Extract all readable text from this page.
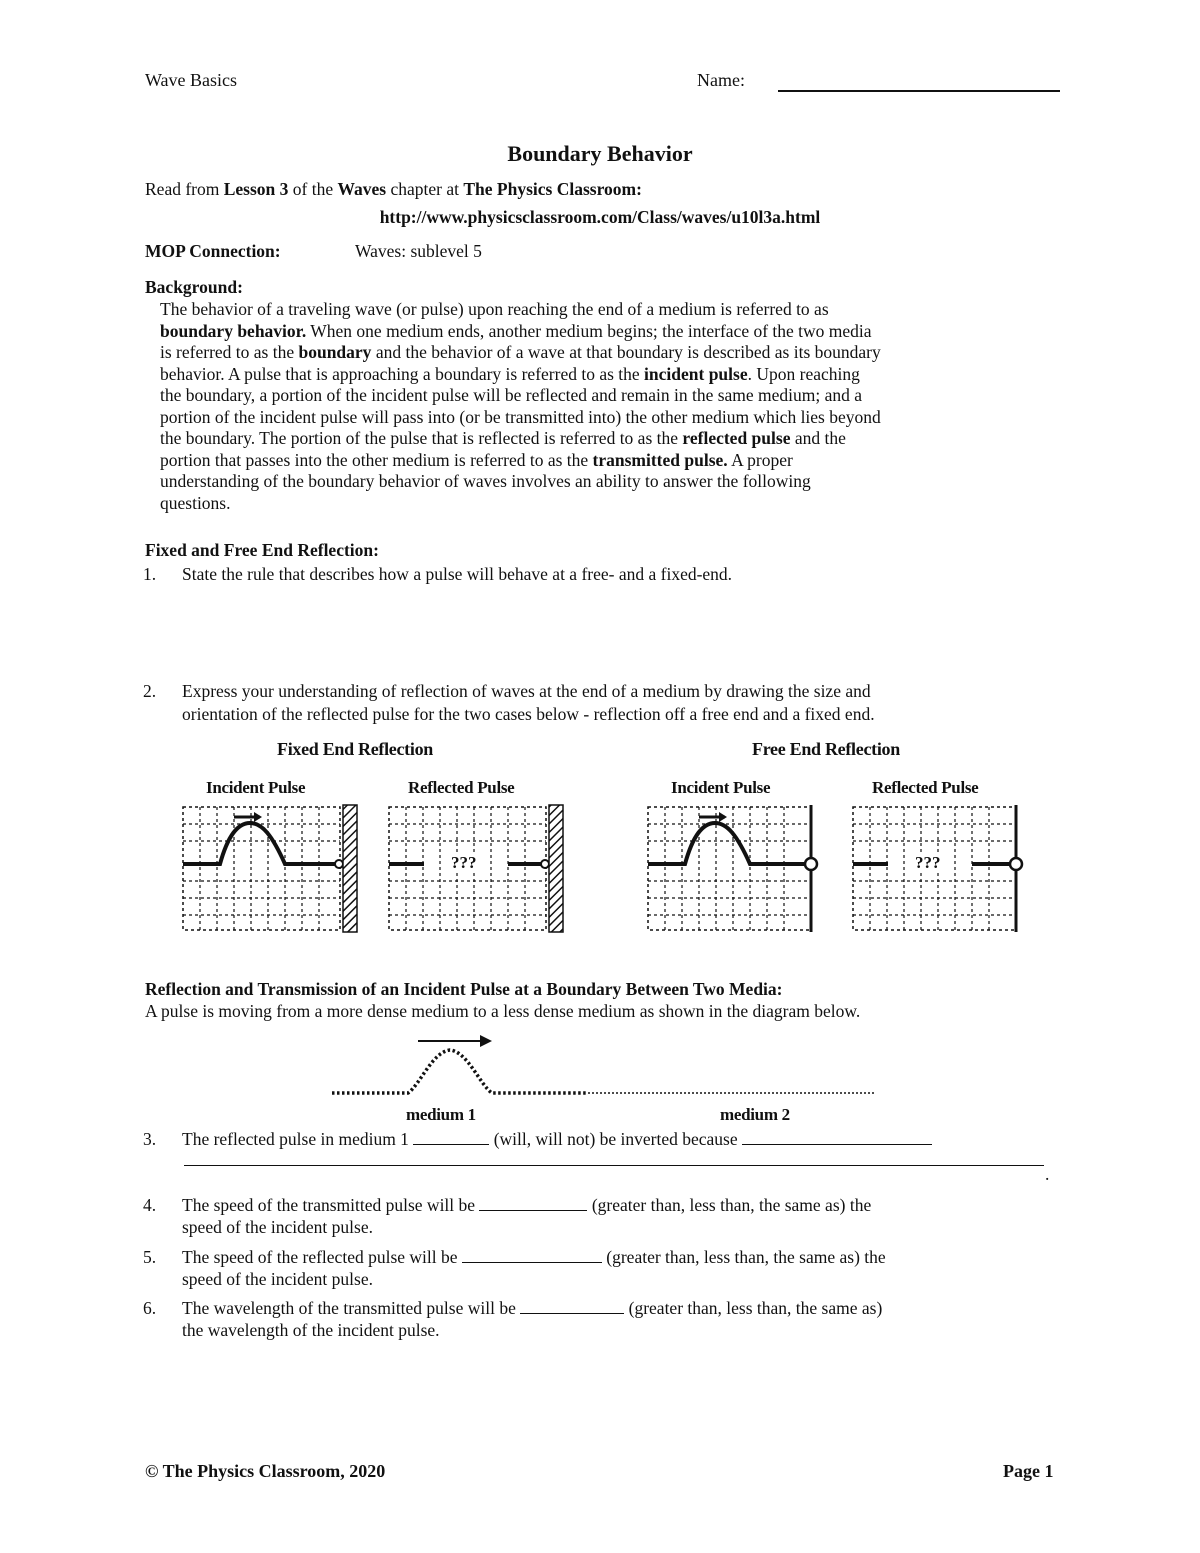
Wave Basics	Name:
Boundary Behavior
Read from Lesson 3 of the Waves chapter at The Physics Classroom:
http://www.physicsclassroom.com/Class/waves/u10l3a.html
MOP Connection:	Waves: sublevel 5
Background:
The behavior of a traveling wave (or pulse) upon reaching the end of a medium is referred to as
boundary behavior. When one medium ends, another medium begins; the interface of the two media
is referred to as the boundary and the behavior of a wave at that boundary is described as its boundary
behavior. A pulse that is approaching a boundary is referred to as the incident pulse. Upon reaching
the boundary, a portion of the incident pulse will be reflected and remain in the same medium; and a
portion of the incident pulse will pass into (or be transmitted into) the other medium which lies beyond
the boundary. The portion of the pulse that is reflected is referred to as the reflected pulse and the
portion that passes into the other medium is referred to as the transmitted pulse. A proper
understanding of the boundary behavior of waves involves an ability to answer the following
questions.
Fixed and Free End Reflection:
1. State the rule that describes how a pulse will behave at a free- and a fixed-end.
2. Express your understanding of reflection of waves at the end of a medium by drawing the size and
orientation of the reflected pulse for the two cases below - reflection off a free end and a fixed end.
Fixed End Reflection	Free End Reflection
Incident Pulse	Reflected Pulse	Incident Pulse	Reflected Pulse
???	???
Reflection and Transmission of an Incident Pulse at a Boundary Between Two Media:
A pulse is moving from a more dense medium to a less dense medium as shown in the diagram below.
medium 1	medium 2
3. The reflected pulse in medium 1	(will, will not) be inverted because
.
4. The speed of the transmitted pulse will be	(greater than, less than, the same as) the
speed of the incident pulse.
5. The speed of the reflected pulse will be	(greater than, less than, the same as) the
speed of the incident pulse.
6. The wavelength of the transmitted pulse will be	(greater than, less than, the same as)
the wavelength of the incident pulse.
© The Physics Classroom, 2020	Page 1
